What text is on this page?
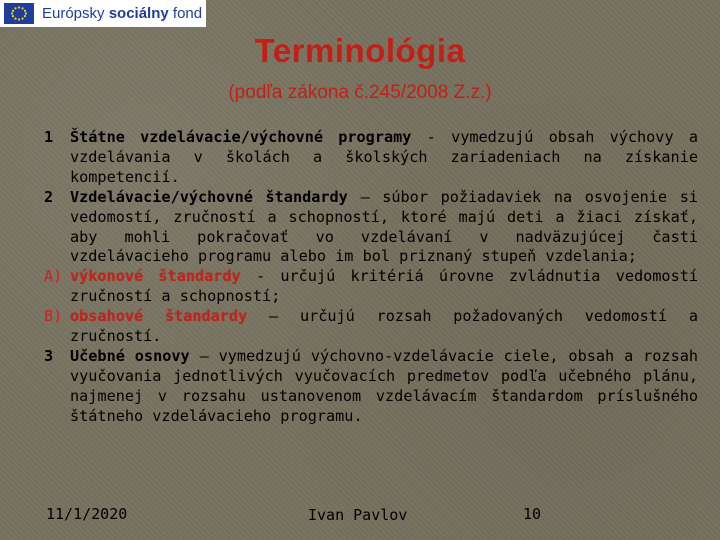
Európsky sociálny fond
Terminológia
(podľa zákona č.245/2008 Z.z.)
1 Štátne vzdelávacie/výchovné programy - vymedzujú obsah výchovy a vzdelávania v školách a školských zariadeniach na získanie kompetencií.
2 Vzdelávacie/výchovné štandardy – súbor požiadaviek na osvojenie si vedomostí, zručností a schopností, ktoré majú deti a žiaci získať, aby mohli pokračovať vo vzdelávaní v nadväzujúcej časti vzdelávacieho programu alebo im bol priznaný stupeň vzdelania;
A) výkonové štandardy - určujú kritériá úrovne zvládnutia vedomostí zručností a schopností;
B) obsahové štandardy – určujú rozsah požadovaných vedomostí a zručností.
3 Učebné osnovy – vymedzujú výchovno-vzdelávacie ciele, obsah a rozsah vyučovania jednotlivých vyučovacích predmetov podľa učebného plánu, najmenej v rozsahu ustanovenom vzdelávacím štandardom príslušného štátneho vzdelávacieho programu.
11/1/2020	Ivan Pavlov	10
